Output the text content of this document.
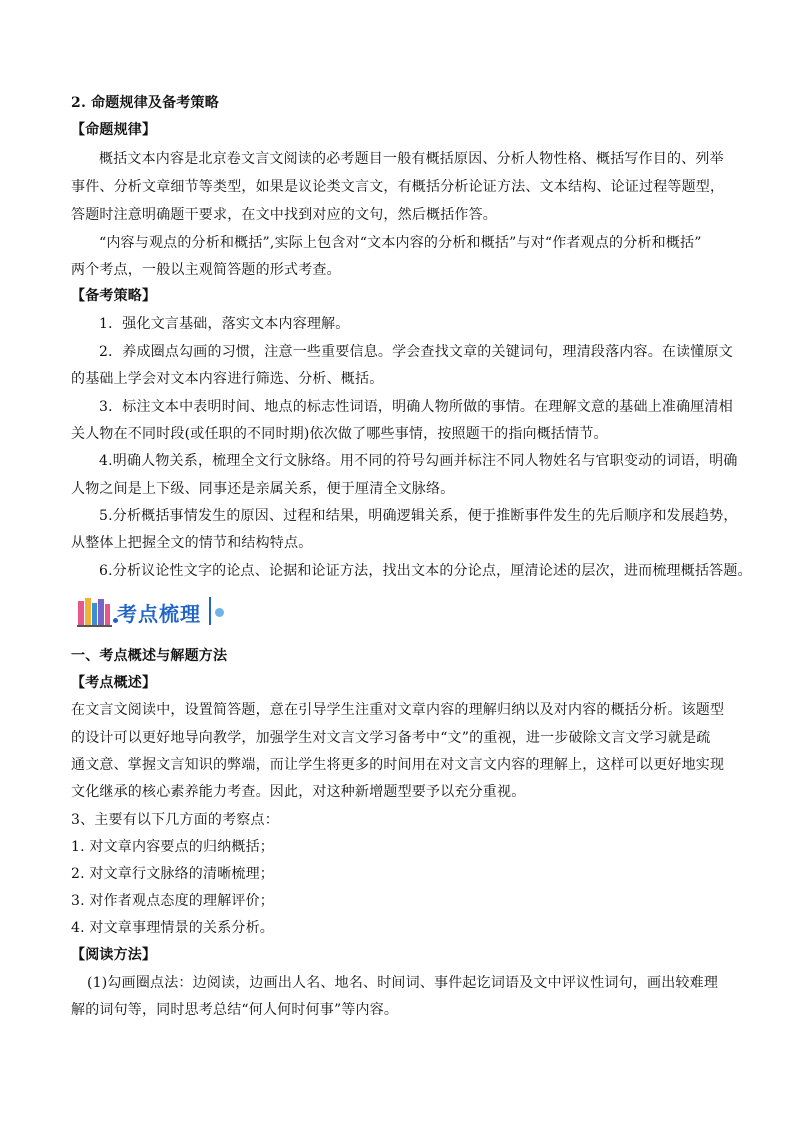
2. 命题规律及备考策略
【命题规律】
概括文本内容是北京卷文言文阅读的必考题目一般有概括原因、分析人物性格、概括写作目的、列举
事件、分析文章细节等类型，如果是议论类文言文，有概括分析论证方法、文本结构、论证过程等题型，
答题时注意明确题干要求，在文中找到对应的文句，然后概括作答。
“内容与观点的分析和概括”,实际上包含对“文本内容的分析和概括”与对“作者观点的分析和概括”
两个考点，一般以主观简答题的形式考查。
【备考策略】
1．强化文言基础，落实文本内容理解。
2．养成圈点勾画的习惯，注意一些重要信息。学会查找文章的关键词句，理清段落内容。在读懂原文
的基础上学会对文本内容进行筛选、分析、概括。
3．标注文本中表明时间、地点的标志性词语，明确人物所做的事情。在理解文意的基础上准确厘清相
关人物在不同时段(或任职的不同时期)依次做了哪些事情，按照题干的指向概括情节。
4.明确人物关系，梳理全文行文脉络。用不同的符号勾画并标注不同人物姓名与官职变动的词语，明确
人物之间是上下级、同事还是亲属关系，便于厘清全文脉络。
5.分析概括事情发生的原因、过程和结果，明确逻辑关系，便于推断事件发生的先后顺序和发展趋势，
从整体上把握全文的情节和结构特点。
6.分析议论性文字的论点、论据和论证方法，找出文本的分论点，厘清论述的层次，进而梳理概括答题。
考点梳理
一、考点概述与解题方法
【考点概述】
在文言文阅读中，设置简答题，意在引导学生注重对文章内容的理解归纳以及对内容的概括分析。该题型
的设计可以更好地导向教学，加强学生对文言文学习备考中“文”的重视，进一步破除文言文学习就是疏
通文意、掌握文言知识的弊端，而让学生将更多的时间用在对文言文内容的理解上，这样可以更好地实现
文化继承的核心素养能力考查。因此，对这种新增题型要予以充分重视。
3、主要有以下几方面的考察点：
1. 对文章内容要点的归纳概括；
2. 对文章行文脉络的清晰梳理；
3. 对作者观点态度的理解评价；
4. 对文章事理情景的关系分析。
【阅读方法】
(1)勾画圈点法：边阅读，边画出人名、地名、时间词、事件起讫词语及文中评议性词句，画出较难理
解的词句等，同时思考总结“何人何时何事”等内容。
